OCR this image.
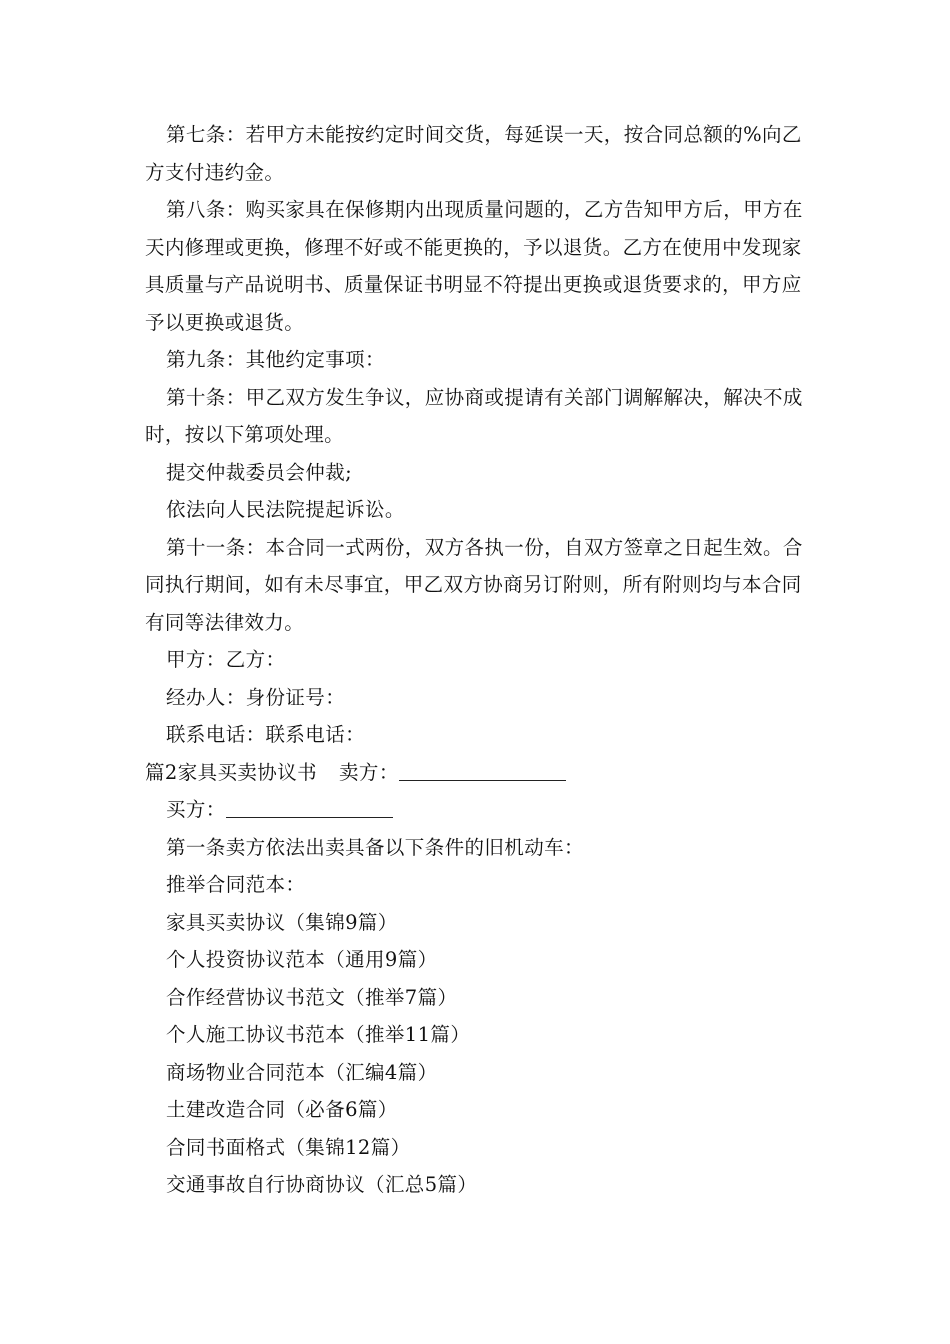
第七条：若甲方未能按约定时间交货，每延误一天，按合同总额的%向乙方支付违约金。

第八条：购买家具在保修期内出现质量问题的，乙方告知甲方后，甲方在天内修理或更换，修理不好或不能更换的，予以退货。乙方在使用中发现家具质量与产品说明书、质量保证书明显不符提出更换或退货要求的，甲方应予以更换或退货。

第九条：其他约定事项：

第十条：甲乙双方发生争议，应协商或提请有关部门调解解决，解决不成时，按以下第项处理。

提交仲裁委员会仲裁;

依法向人民法院提起诉讼。

第十一条：本合同一式两份，双方各执一份，自双方签章之日起生效。合同执行期间，如有未尽事宜，甲乙双方协商另订附则，所有附则均与本合同有同等法律效力。

甲方：乙方：

经办人：身份证号：

联系电话：联系电话：

篇2家具买卖协议书 卖方：

买方：

第一条卖方依法出卖具备以下条件的旧机动车：

推举合同范本：

家具买卖协议（集锦9篇）

个人投资协议范本（通用9篇）

合作经营协议书范文（推举7篇）

个人施工协议书范本（推举11篇）

商场物业合同范本（汇编4篇）

土建改造合同（必备6篇）

合同书面格式（集锦12篇）

交通事故自行协商协议（汇总5篇）
